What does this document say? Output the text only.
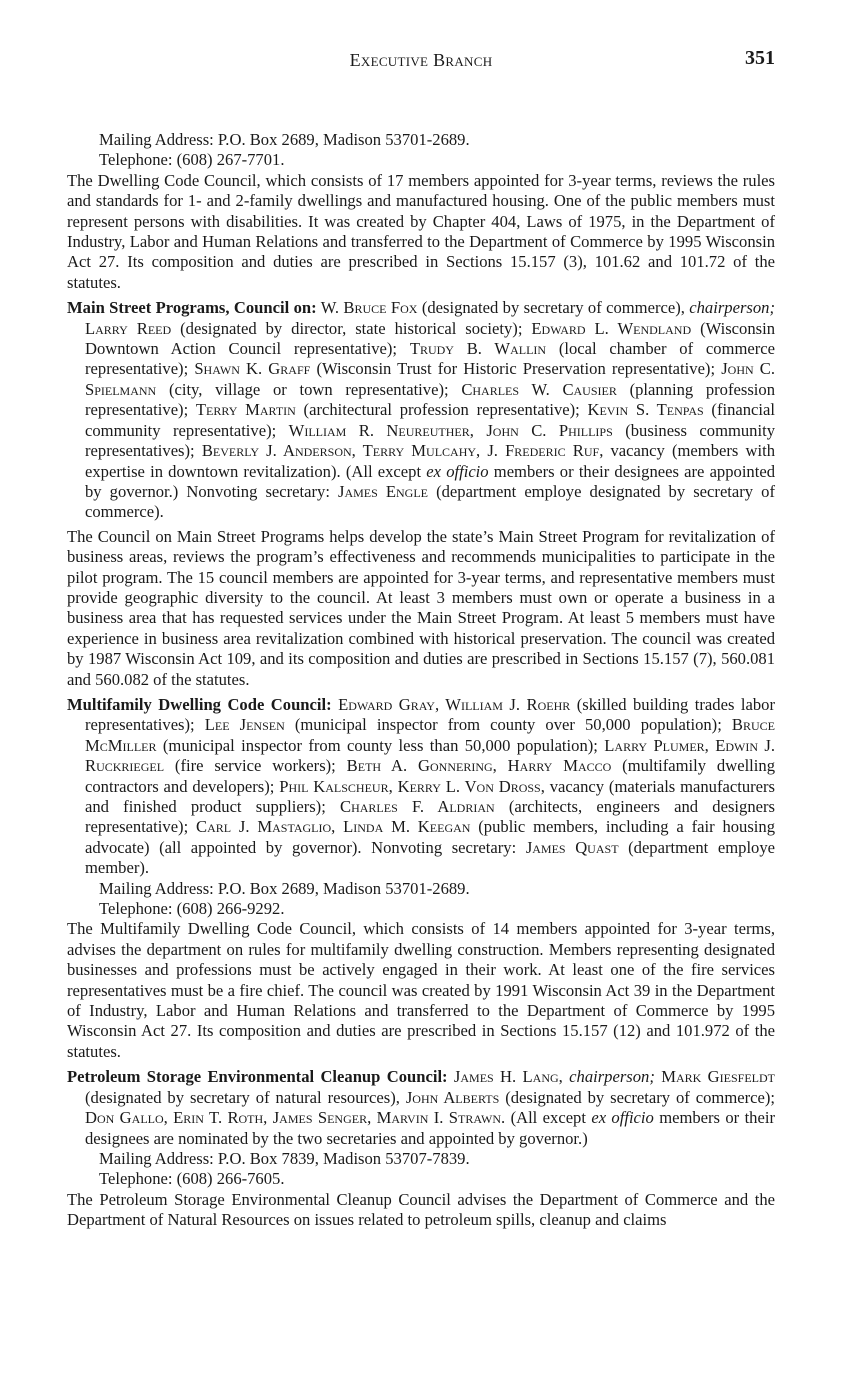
Executive Branch	351

Mailing Address: P.O. Box 2689, Madison 53701-2689.

Telephone: (608) 267-7701.

The Dwelling Code Council, which consists of 17 members appointed for 3-year terms, reviews the rules and standards for 1- and 2-family dwellings and manufactured housing. One of the public members must represent persons with disabilities. It was created by Chapter 404, Laws of 1975, in the Department of Industry, Labor and Human Relations and transferred to the Department of Commerce by 1995 Wisconsin Act 27. Its composition and duties are prescribed in Sections 15.157 (3), 101.62 and 101.72 of the statutes.

Main Street Programs, Council on: W. Bruce Fox (designated by secretary of commerce), chairperson; Larry Reed (designated by director, state historical society); Edward L. Wendland (Wisconsin Downtown Action Council representative); Trudy B. Wallin (local chamber of commerce representative); Shawn K. Graff (Wisconsin Trust for Historic Preservation representative); John C. Spielmann (city, village or town representative); Charles W. Causier (planning profession representative); Terry Martin (architectural profession representative); Kevin S. Tenpas (financial community representative); William R. Neureuther, John C. Phillips (business community representatives); Beverly J. Anderson, Terry Mulcahy, J. Frederic Ruf, vacancy (members with expertise in downtown revitalization). (All except ex officio members or their designees are appointed by governor.) Nonvoting secretary: James Engle (department employe designated by secretary of commerce).

The Council on Main Street Programs helps develop the state’s Main Street Program for revitalization of business areas, reviews the program’s effectiveness and recommends municipalities to participate in the pilot program. The 15 council members are appointed for 3-year terms, and representative members must provide geographic diversity to the council. At least 3 members must own or operate a business in a business area that has requested services under the Main Street Program. At least 5 members must have experience in business area revitalization combined with historical preservation. The council was created by 1987 Wisconsin Act 109, and its composition and duties are prescribed in Sections 15.157 (7), 560.081 and 560.082 of the statutes.

Multifamily Dwelling Code Council: Edward Gray, William J. Roehr (skilled building trades labor representatives); Lee Jensen (municipal inspector from county over 50,000 population); Bruce McMiller (municipal inspector from county less than 50,000 population); Larry Plumer, Edwin J. Ruckriegel (fire service workers); Beth A. Gonnering, Harry Macco (multifamily dwelling contractors and developers); Phil Kalscheur, Kerry L. Von Dross, vacancy (materials manufacturers and finished product suppliers); Charles F. Aldrian (architects, engineers and designers representative); Carl J. Mastaglio, Linda M. Keegan (public members, including a fair housing advocate) (all appointed by governor). Nonvoting secretary: James Quast (department employe member).

Mailing Address: P.O. Box 2689, Madison 53701-2689.

Telephone: (608) 266-9292.

The Multifamily Dwelling Code Council, which consists of 14 members appointed for 3-year terms, advises the department on rules for multifamily dwelling construction. Members representing designated businesses and professions must be actively engaged in their work. At least one of the fire services representatives must be a fire chief. The council was created by 1991 Wisconsin Act 39 in the Department of Industry, Labor and Human Relations and transferred to the Department of Commerce by 1995 Wisconsin Act 27. Its composition and duties are prescribed in Sections 15.157 (12) and 101.972 of the statutes.

Petroleum Storage Environmental Cleanup Council: James H. Lang, chairperson; Mark Giesfeldt (designated by secretary of natural resources), John Alberts (designated by secretary of commerce); Don Gallo, Erin T. Roth, James Senger, Marvin I. Strawn. (All except ex officio members or their designees are nominated by the two secretaries and appointed by governor.)

Mailing Address: P.O. Box 7839, Madison 53707-7839.

Telephone: (608) 266-7605.

The Petroleum Storage Environmental Cleanup Council advises the Department of Commerce and the Department of Natural Resources on issues related to petroleum spills, cleanup and claims
